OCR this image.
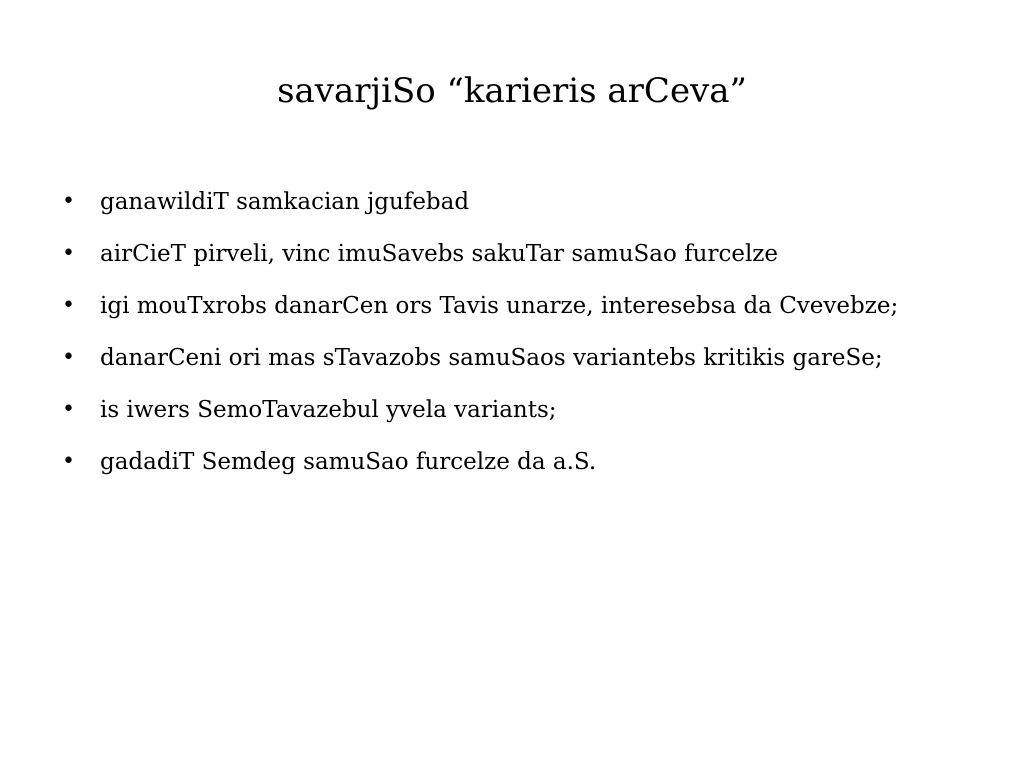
savarjiSo “karieris arCeva”
•	ganawildiT samkacian jgufebad
•	airCieT pirveli, vinc imuSavebs sakuTar samuSao furcelze
•	igi mouTxrobs danarCen ors Tavis unarze, interesebsa da Cvevebze;
•	danarCeni ori mas sTavazobs samuSaos variantebs kritikis gareSe;
•	is iwers SemoTavazebul yvela variants;
•	gadadiT Semdeg samuSao furcelze da a.S.
